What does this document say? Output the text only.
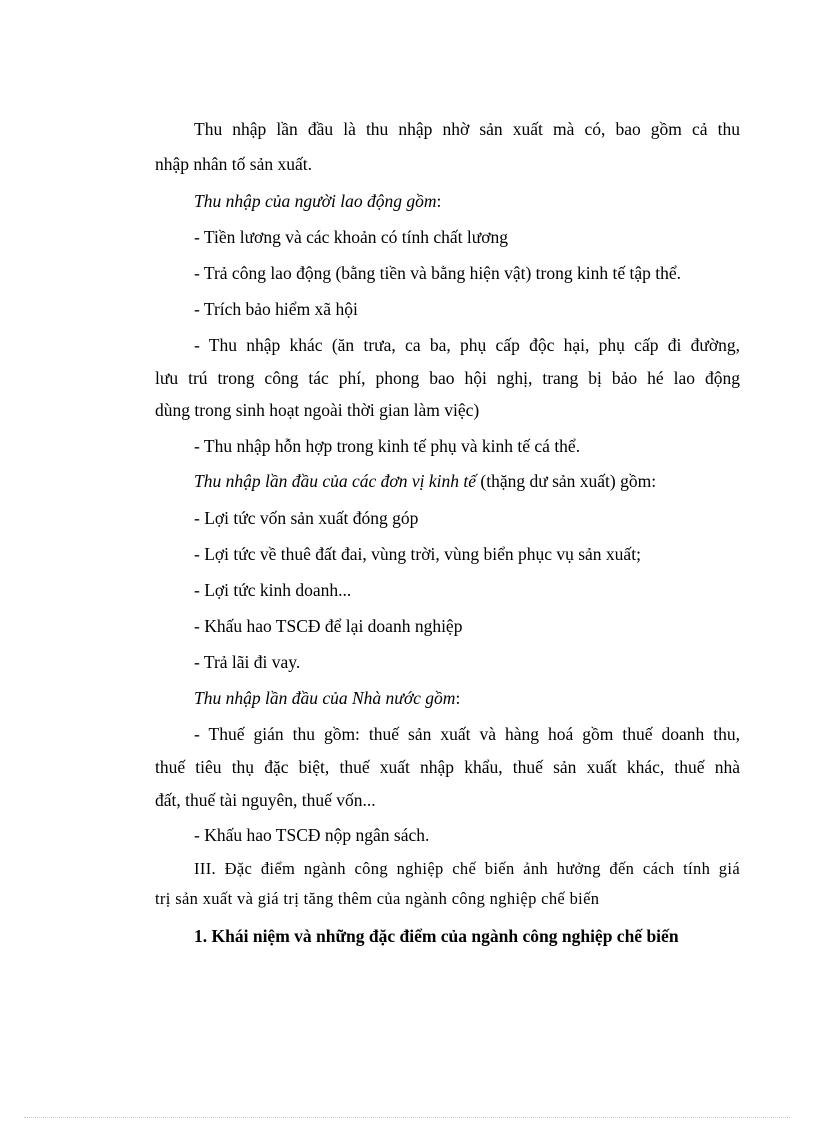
Thu nhập lần đầu là thu nhập nhờ sản xuất mà có, bao gồm cả thu
nhập nhân tố sản xuất.
Thu nhập của người lao động gồm:
- Tiền lương và các khoản có tính chất lương
- Trả công lao động (bằng tiền và bằng hiện vật) trong kinh tế tập thể.
- Trích bảo hiểm xã hội
- Thu nhập khác (ăn trưa, ca ba, phụ cấp độc hại, phụ cấp đi đường,
lưu trú trong công tác phí, phong bao hội nghị, trang bị bảo hé lao động
dùng trong sinh hoạt ngoài thời gian làm việc)
- Thu nhập hỗn hợp trong kinh tế phụ và kinh tế cá thể.
Thu nhập lần đầu của các đơn vị kinh tế (thặng dư sản xuất) gồm:
- Lợi tức vốn sản xuất đóng góp
- Lợi tức về thuê đất đai, vùng trời, vùng biển phục vụ sản xuất;
- Lợi tức kinh doanh...
- Khấu hao TSCĐ để lại doanh nghiệp
- Trả lãi đi vay.
Thu nhập lần đầu của Nhà nước gồm:
- Thuế gián thu gồm: thuế sản xuất và hàng hoá gồm thuế doanh thu,
thuế tiêu thụ đặc biệt, thuế xuất nhập khẩu, thuế sản xuất khác, thuế nhà
đất, thuế tài nguyên, thuế vốn...
- Khấu hao TSCĐ nộp ngân sách.
III. Đặc điểm ngành công nghiệp chế biến ảnh hưởng đến cách tính giá
trị sản xuất và giá trị tăng thêm của ngành công nghiệp chế biến
1. Khái niệm và những đặc điểm của ngành công nghiệp chế biến
